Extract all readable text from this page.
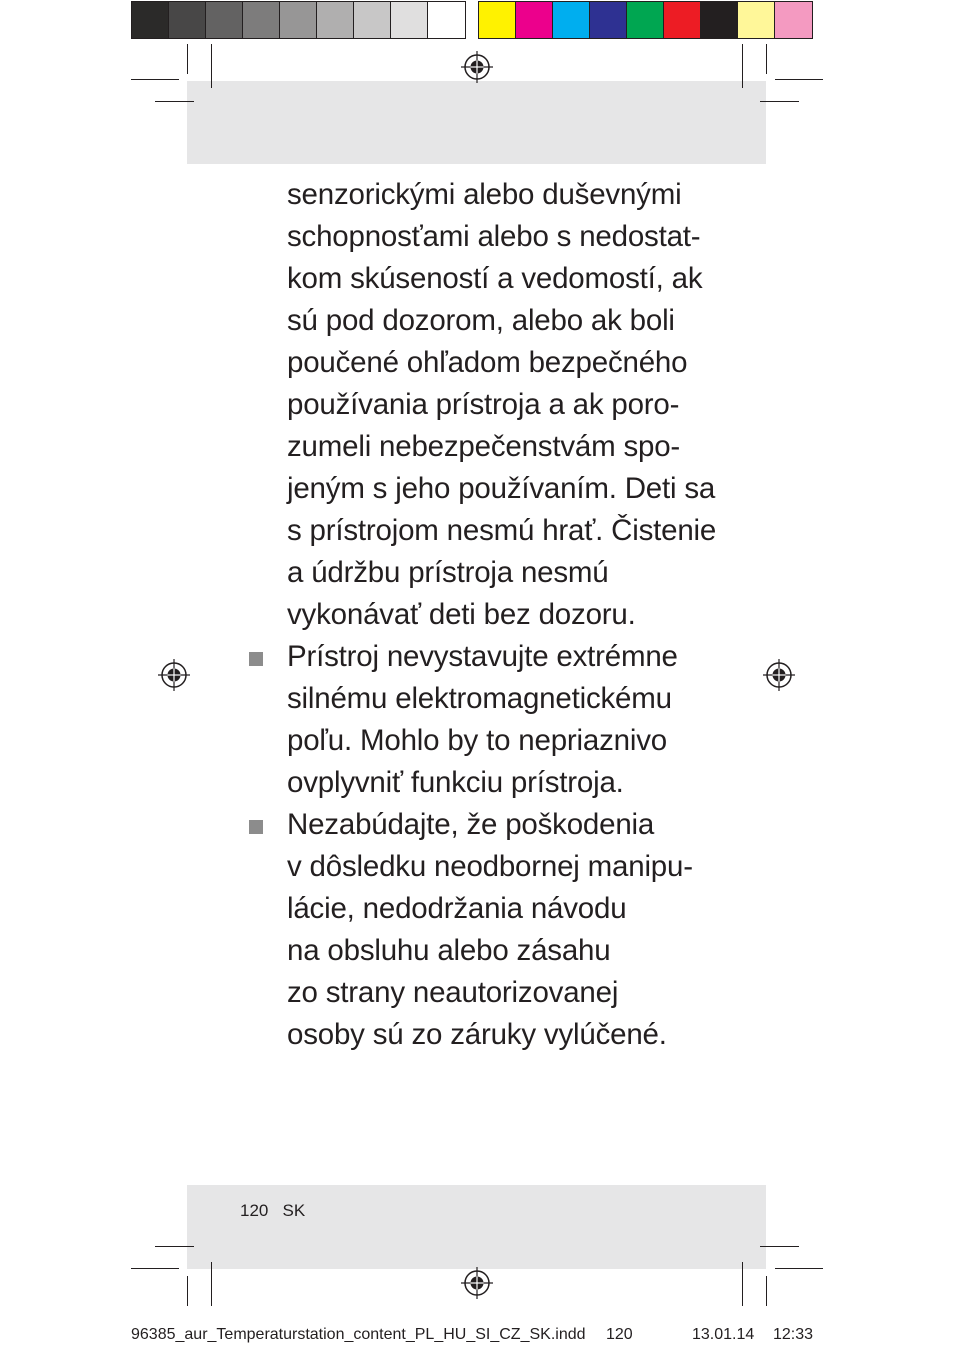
senzorickými alebo duševnými
schopnosťami alebo s nedostat-
kom skúseností a vedomostí, ak
sú pod dozorom, alebo ak boli
poučené ohľadom bezpečného
používania prístroja a ak poro-
zumeli nebezpečenstvám spo-
jeným s jeho používaním. Deti sa
s prístrojom nesmú hrať. Čistenie
a údržbu prístroja nesmú
vykonávať deti bez dozoru.

Prístroj nevystavujte extrémne
silnému elektromagnetickému
poľu. Mohlo by to nepriaznivo
ovplyvniť funkciu prístroja.

Nezabúdajte, že poškodenia
v dôsledku neodbornej manipu-
lácie, nedodržania návodu
na obsluhu alebo zásahu
zo strany neautorizovanej
osoby sú zo záruky vylúčené.

120 SK
96385_aur_Temperaturstation_content_PL_HU_SI_CZ_SK.indd 120	13.01.14 12:33
